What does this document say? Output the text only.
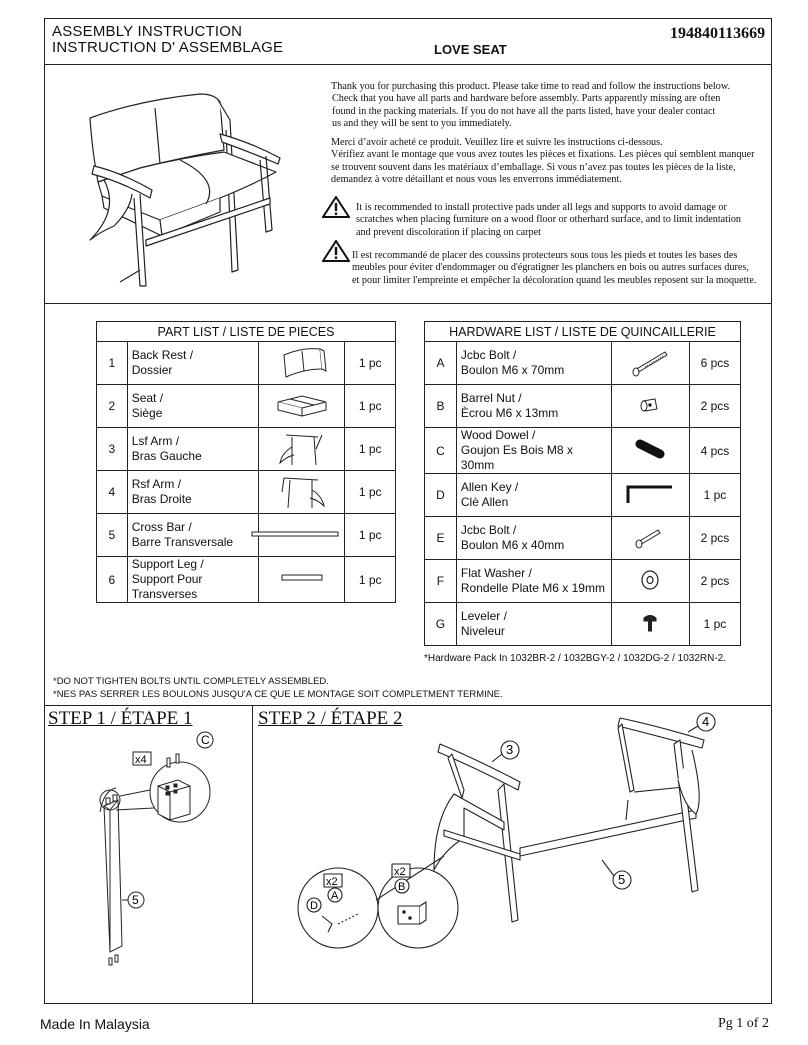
ASSEMBLY INSTRUCTION
INSTRUCTION D' ASSEMBLAGE	LOVE SEAT
194840113669

Thank you for purchasing this product. Please take time to read and follow the instructions below.

Check that you have all parts and hardware before assembly. Parts apparently missing are often

found in the packing materials. If you do not have all the parts listed, have your dealer contact

us and they will be sent to you immediately.

Merci d’avoir acheté ce produit. Veuillez lire et suivre les instructions ci-dessous.

Vérifiez avant le montage que vous avez toutes les pièces et fixations. Les pièces qui semblent manquer

se trouvent souvent dans les matériaux d’emballage. Si vous n’avez pas toutes les pièces de la liste,

demandez à votre détaillant et nous vous les enverrons immédiatement.

It is recommended to install protective pads under all legs and supports to avoid damage or

scratches when placing furniture on a wood floor or otherhard surface, and to limit indentation

and prevent discoloration if placing on carpet

Il est recommandé de placer des coussins protecteurs sous tous les pieds et toutes les bases des

meubles pour éviter d'endommager ou d'égratigner les planchers en bois ou autres surfaces dures,

et pour limiter l'empreinte et empêcher la décoloration quand les meubles reposent sur la moquette.

PART LIST / LISTE DE PIECES			
1	Back Rest /
Dossier		1 pc
2	Seat /
Siège		1 pc
3	Lsf Arm /
Bras Gauche		1 pc
4	Rsf Arm /
Bras Droite		1 pc
5	Cross Bar /
Barre Transversale		1 pc
6	Support Leg /
Support Pour Transverses		1 pc
HARDWARE LIST / LISTE DE QUINCAILLERIE			
A	Jcbc Bolt /
Boulon M6 x 70mm		6 pcs
B	Barrel Nut /
Ècrou M6 x 13mm		2 pcs
C	Wood Dowel /
Goujon Es Bois M8 x 30mm		4 pcs
D	Allen Key /
Clè Allen		1 pc
E	Jcbc Bolt /
Boulon M6 x 40mm		2 pcs
F	Flat Washer /
Rondelle Plate M6 x 19mm		2 pcs
G	Leveler /
Niveleur		1 pc
*Hardware Pack In 1032BR-2 / 1032BGY-2 / 1032DG-2 / 1032RN-2.
*DO NOT TIGHTEN BOLTS UNTIL COMPLETELY ASSEMBLED.
*NES PAS SERRER LES BOULONS JUSQU'A CE QUE LE MONTAGE SOIT COMPLETMENT TERMINE.
STEP 1 / ÉTAPE 1
x4
C
5
STEP 2 / ÉTAPE 2
3
4
5
x2
A
x2
B
D
Made In Malaysia	Pg 1 of 2
